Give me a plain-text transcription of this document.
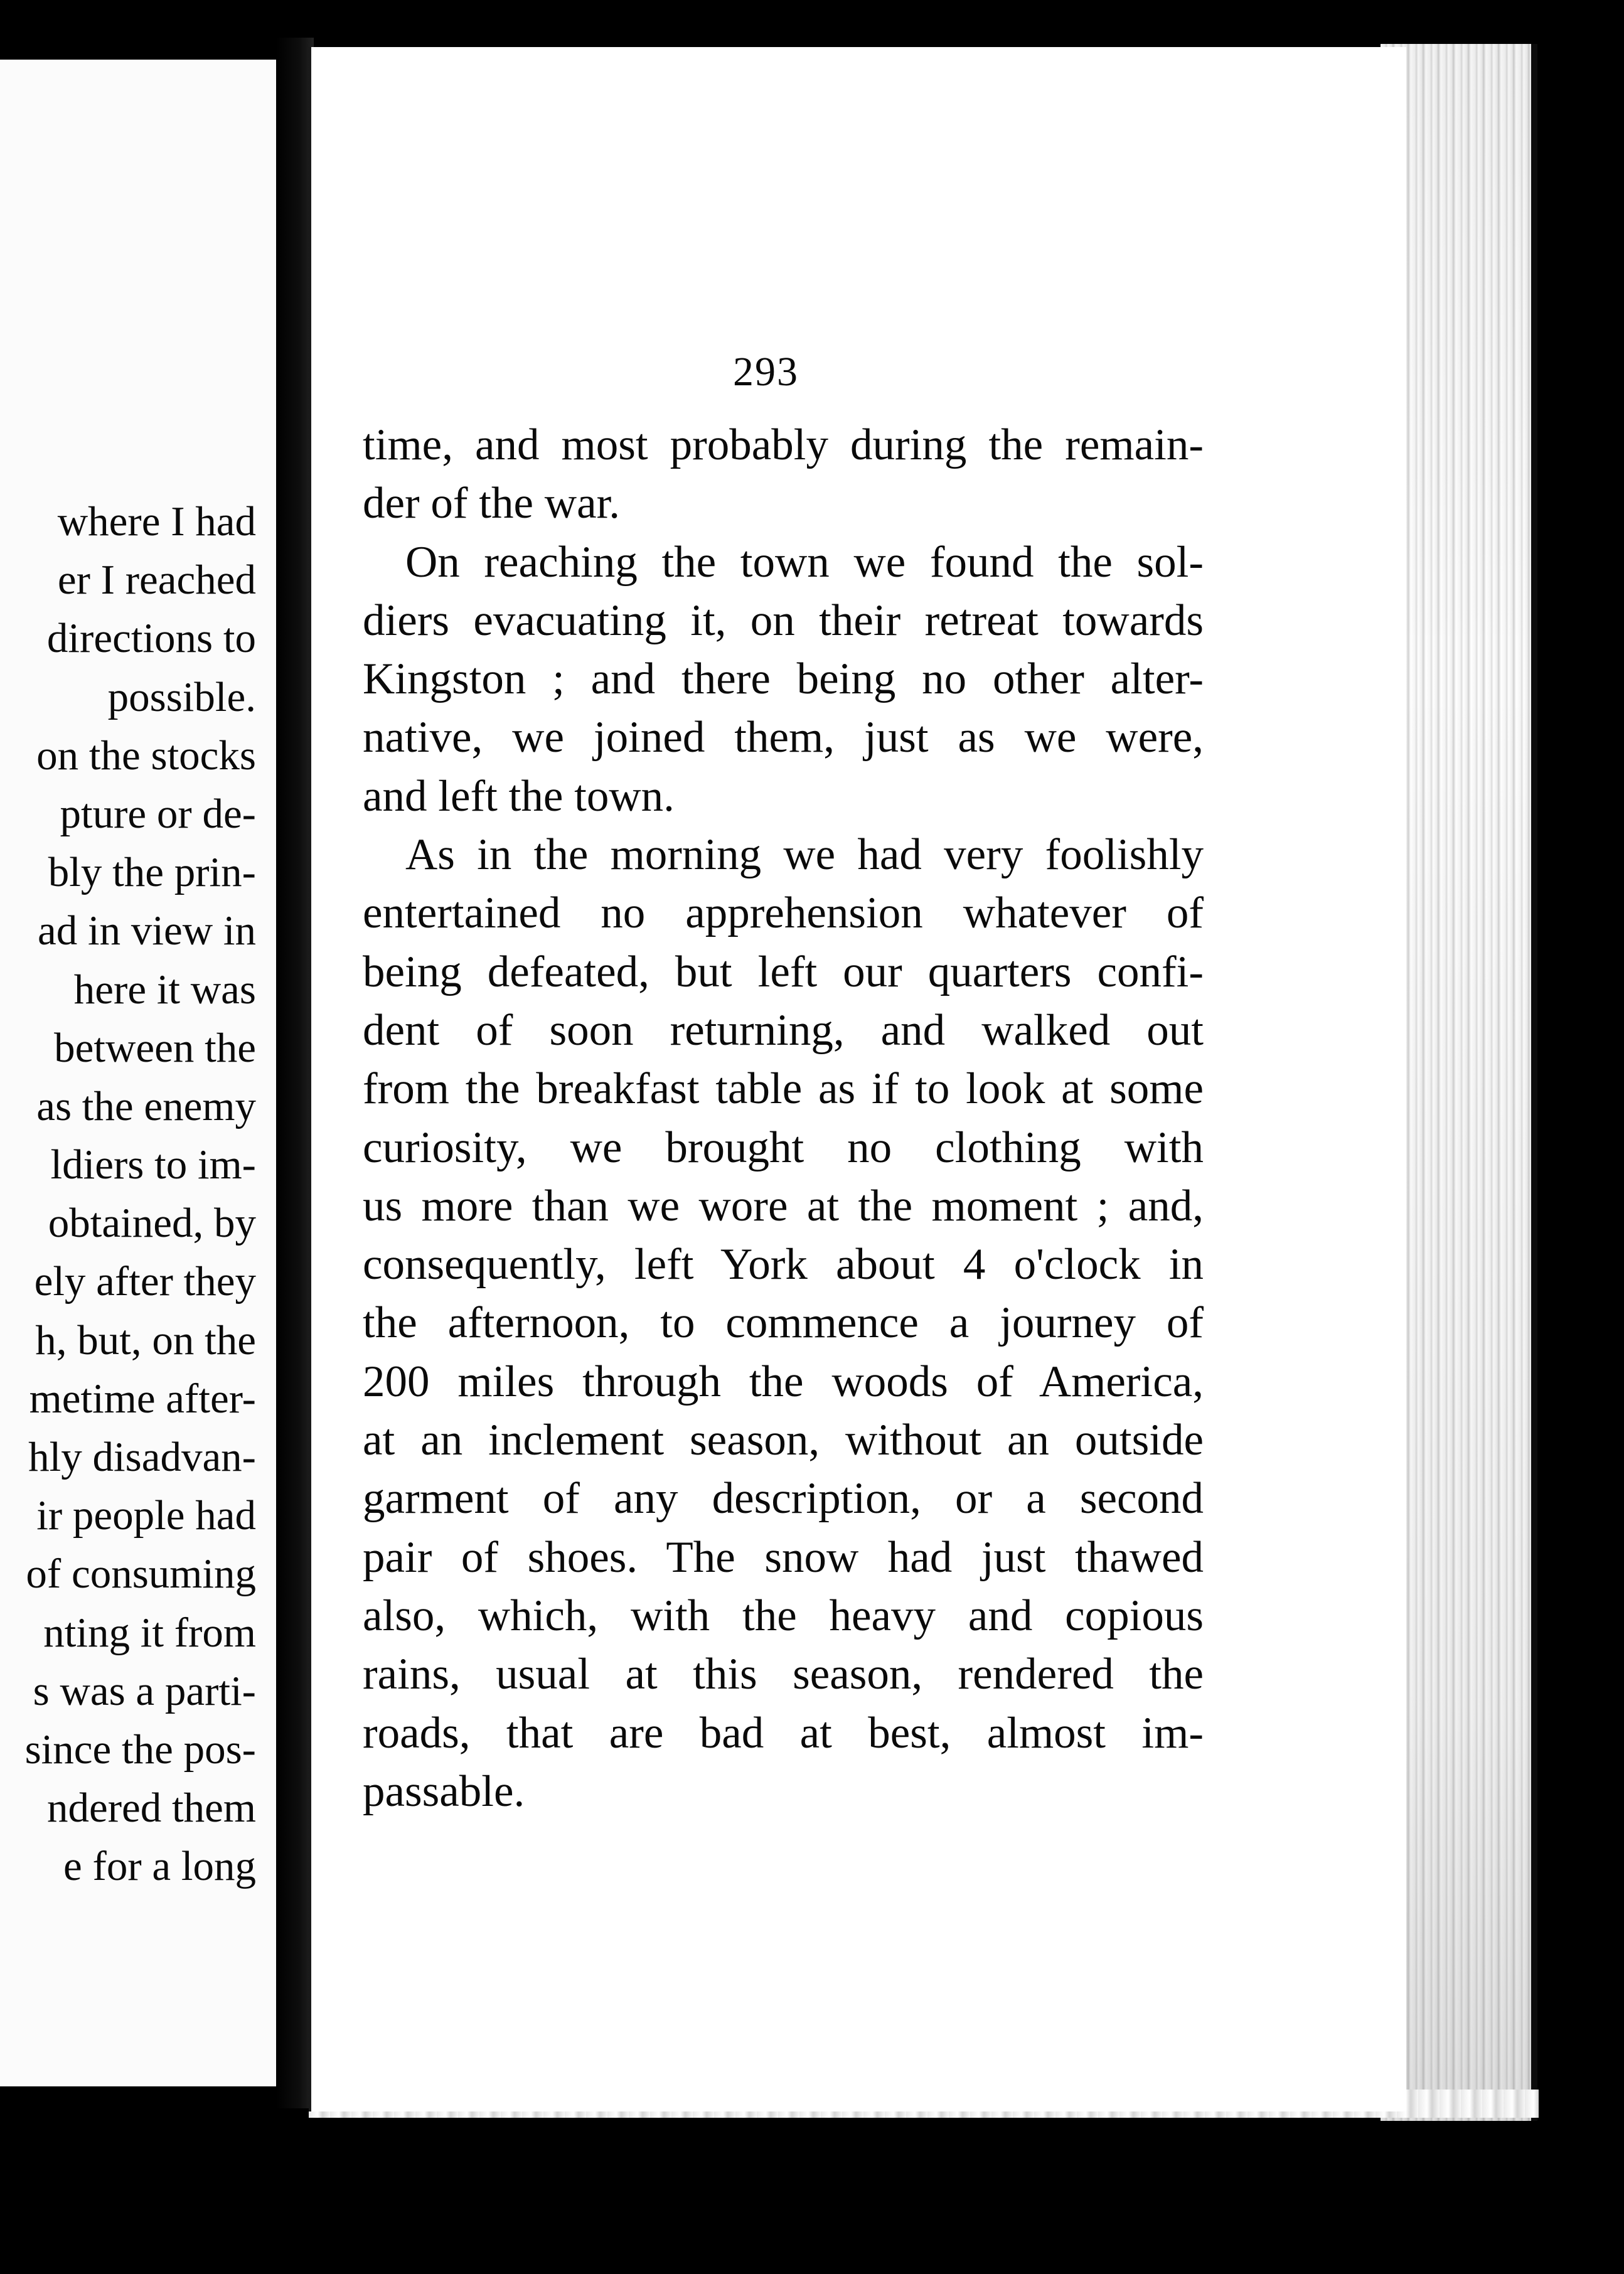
where I had
er I reached
directions to
possible.
on the stocks
pture or de-
bly the prin-
ad in view in
here it was
between the
as the enemy
ldiers to im-
obtained, by
ely after they
h, but, on the
metime after-
hly disadvan-
ir people had
of consuming
nting it from
s was a parti-
since the pos-
ndered them
e for a long
293
time, and most probably during the remain-
der of the war.
On reaching the town we found the sol-
diers evacuating it, on their retreat towards
Kingston ; and there being no other alter-
native, we joined them, just as we were,
and left the town.
As in the morning we had very foolishly
entertained no apprehension whatever of
being defeated, but left our quarters confi-
dent of soon returning, and walked out
from the breakfast table as if to look at some
curiosity, we brought no clothing with
us more than we wore at the moment ; and,
consequently, left York about 4 o'clock in
the afternoon, to commence a journey of
200 miles through the woods of America,
at an inclement season, without an outside
garment of any description, or a second
pair of shoes. The snow had just thawed
also, which, with the heavy and copious
rains, usual at this season, rendered the
roads, that are bad at best, almost im-
passable.
